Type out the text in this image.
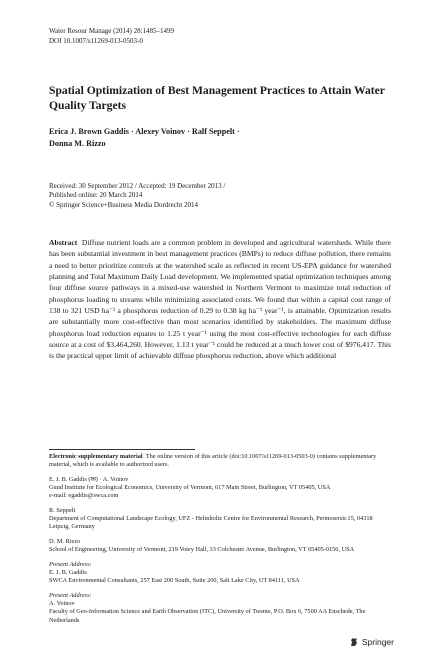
Water Resour Manage (2014) 28:1485–1499
DOI 10.1007/s11269-013-0503-0
Spatial Optimization of Best Management Practices to Attain Water Quality Targets
Erica J. Brown Gaddis · Alexey Voinov · Ralf Seppelt ·
Donna M. Rizzo
Received: 30 September 2012 / Accepted: 19 December 2013 /
Published online: 20 March 2014
© Springer Science+Business Media Dordrecht 2014
Abstract Diffuse nutrient loads are a common problem in developed and agricultural watersheds. While there has been substantial investment in best management practices (BMPs) to reduce diffuse pollution, there remains a need to better prioritize controls at the watershed scale as reflected in recent US-EPA guidance for watershed planning and Total Maximum Daily Load development. We implemented spatial optimization techniques among four diffuse source pathways in a mixed-use watershed in Northern Vermont to maximize total reduction of phosphorus loading to streams while minimizing associated costs. We found that within a capital cost range of 138 to 321 USD ha⁻¹ a phosphorus reduction of 0.29 to 0.38 kg ha⁻¹ year⁻¹, is attainable. Optimization results are substantially more cost-effective than most scenarios identified by stakeholders. The maximum diffuse phosphorus load reduction equates to 1.25 t year⁻¹ using the most cost-effective technologies for each diffuse source at a cost of $3,464,260. However, 1.13 t year⁻¹ could be reduced at a much lower cost of $976,417. This is the practical upper limit of achievable diffuse phosphorus reduction, above which additional
Electronic supplementary material The online version of this article (doi:10.1007/s11269-013-0503-0) contains supplementary material, which is available to authorized users.
E. J. B. Gaddis (✉) · A. Voinov
Gund Institute for Ecological Economics, University of Vermont, 617 Main Street, Burlington, VT 05405, USA
e-mail: egaddis@swca.com
R. Seppelt
Department of Computational Landscape Ecology, UFZ - Helmholtz Centre for Environmental Research, Permoserstr.15, 04318 Leipzig, Germany
D. M. Rizzo
School of Engineering, University of Vermont, 219 Votey Hall, 33 Colchester Avenue, Burlington, VT 05405-0156, USA
Present Address:
E. J. B. Gaddis
SWCA Environmental Consultants, 257 East 200 South, Suite 200, Salt Lake City, UT 84111, USA
Present Address:
A. Voinov
Faculty of Geo-Information Science and Earth Observation (ITC), University of Twente, P.O. Box 6, 7500 AA Enschede, The Netherlands
Springer
